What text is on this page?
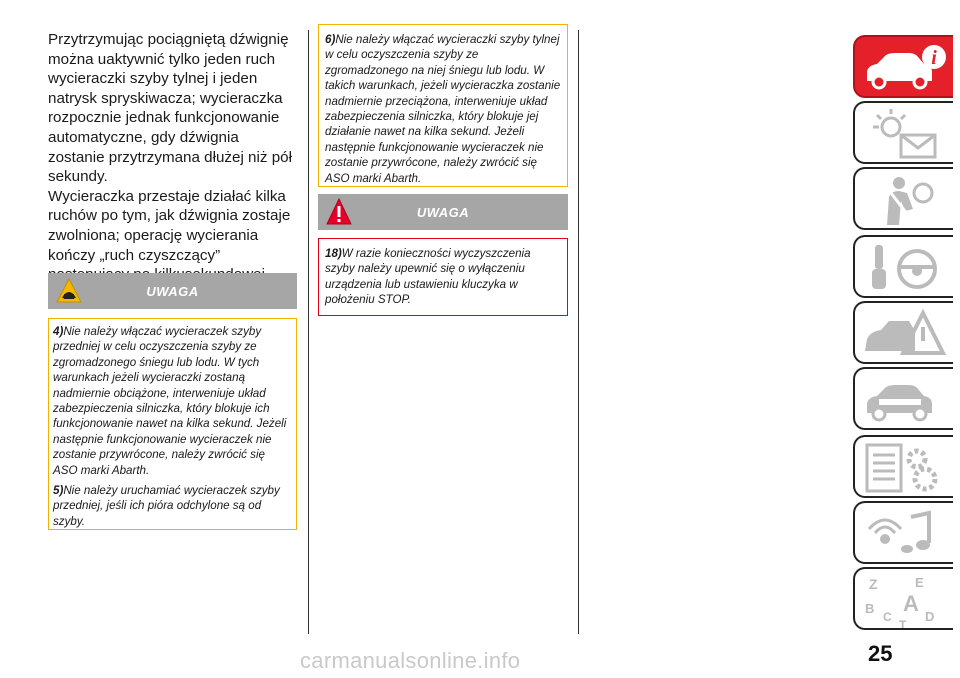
Przytrzymując pociągniętą dźwignię można uaktywnić tylko jeden ruch wycieraczki szyby tylnej i jeden natrysk spryskiwacza; wycieraczka rozpocznie jednak funkcjonowanie automatyczne, gdy dźwignia zostanie przytrzymana dłużej niż pół sekundy.

Wycieraczka przestaje działać kilka ruchów po tym, jak dźwignia zostaje zwolniona; operację wycierania kończy „ruch czyszczący”

UWAGA

4)Nie należy włączać wycieraczek szyby przedniej w celu oczyszczenia szyby ze zgromadzonego śniegu lub lodu. W tych warunkach jeżeli wycieraczki zostaną nadmiernie obciążone, interweniuje układ zabezpieczenia silniczka, który blokuje ich funkcjonowanie nawet na kilka sekund. Jeżeli następnie funkcjonowanie wycieraczek nie zostanie przywrócone, należy zwrócić się ASO marki Abarth.

5)Nie należy uruchamiać wycieraczek szyby przedniej, jeśli ich pióra odchylone są od szyby.

6)Nie należy włączać wycieraczki szyby tylnej w celu oczyszczenia szyby ze zgromadzonego na niej śniegu lub lodu. W takich warunkach, jeżeli wycieraczka zostanie nadmiernie przeciążona, interweniuje układ zabezpieczenia silniczka, który blokuje jej działanie nawet na kilka sekund. Jeżeli następnie funkcjonowanie wycieraczek nie zostanie przywrócone, należy zwrócić się ASO marki Abarth.

UWAGA

18)W razie konieczności wyczyszczenia szyby należy upewnić się o wyłączeniu urządzenia lub ustawieniu kluczyka w położeniu STOP.

i
Z	E
B A
C	D
T
25
carmanualsonline.info
